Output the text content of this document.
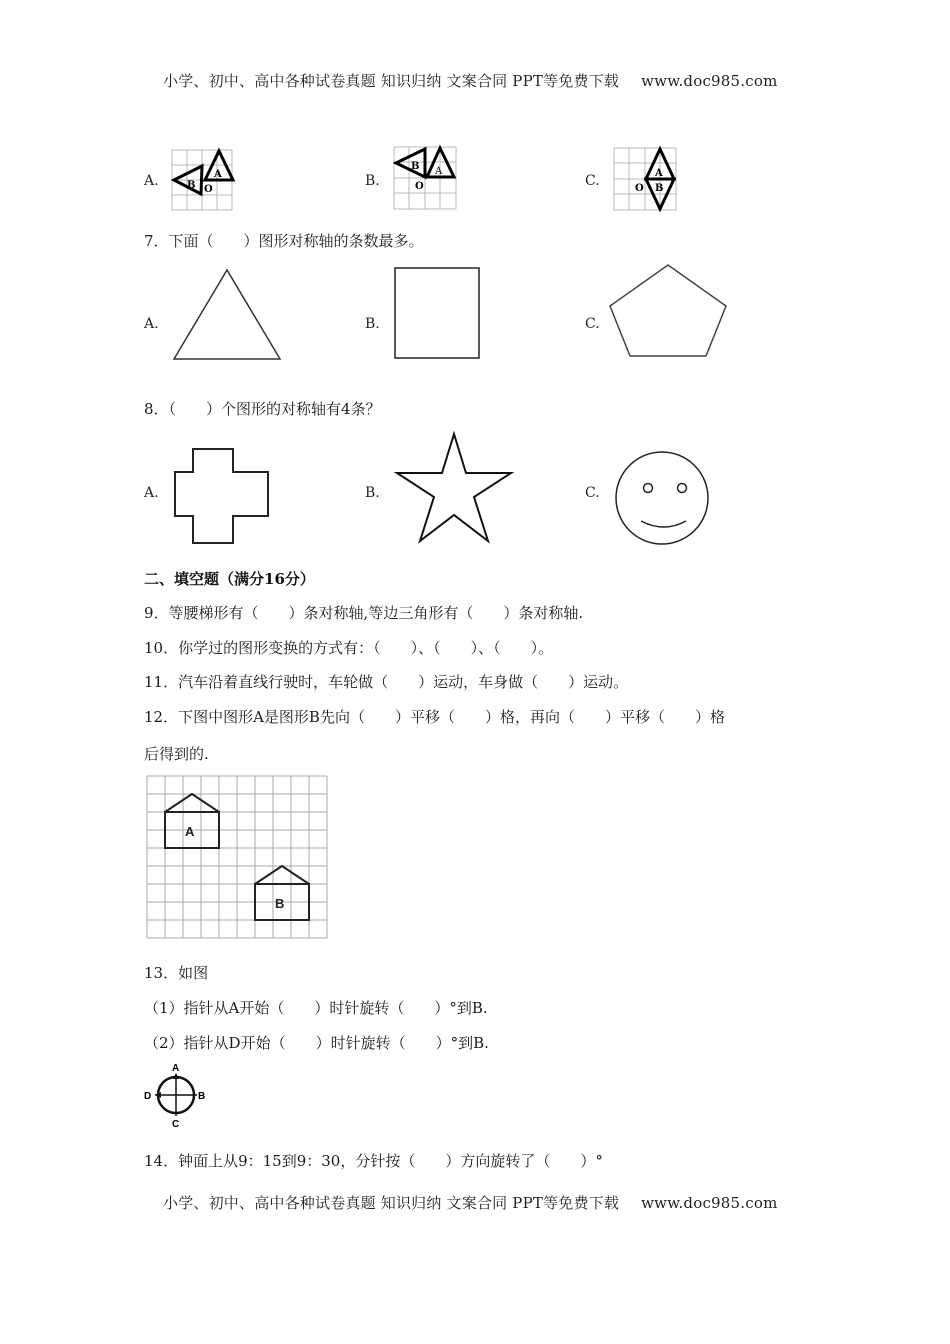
小学、初中、高中各种试卷真题 知识归纳 文案合同 PPT等免费下载 www.doc985.com
A.	A
B O
B.
A
B
O	C.	A
B
O
7．下面（　　）图形对称轴的条数最多。
A.	B.	C.
8．（　　）个图形的对称轴有4条？
A.	B.	C.
二、填空题（满分16分）
9．等腰梯形有（　　）条对称轴,等边三角形有（　　）条对称轴.
10．你学过的图形变换的方式有：（　　）、（　　）、（　　）。
11．汽车沿着直线行驶时，车轮做（　　）运动，车身做（　　）运动。
12．下图中图形A是图形B先向（　　）平移（　　）格，再向（　　）平移（　　）格
后得到的.
A
B
13．如图
（1）指针从A开始（　　）时针旋转（　　）°到B.
（2）指针从D开始（　　）时针旋转（　　）°到B.
A
B
C
D
14．钟面上从9：15到9：30，分针按（　　）方向旋转了（　　）°
小学、初中、高中各种试卷真题 知识归纳 文案合同 PPT等免费下载 www.doc985.com
